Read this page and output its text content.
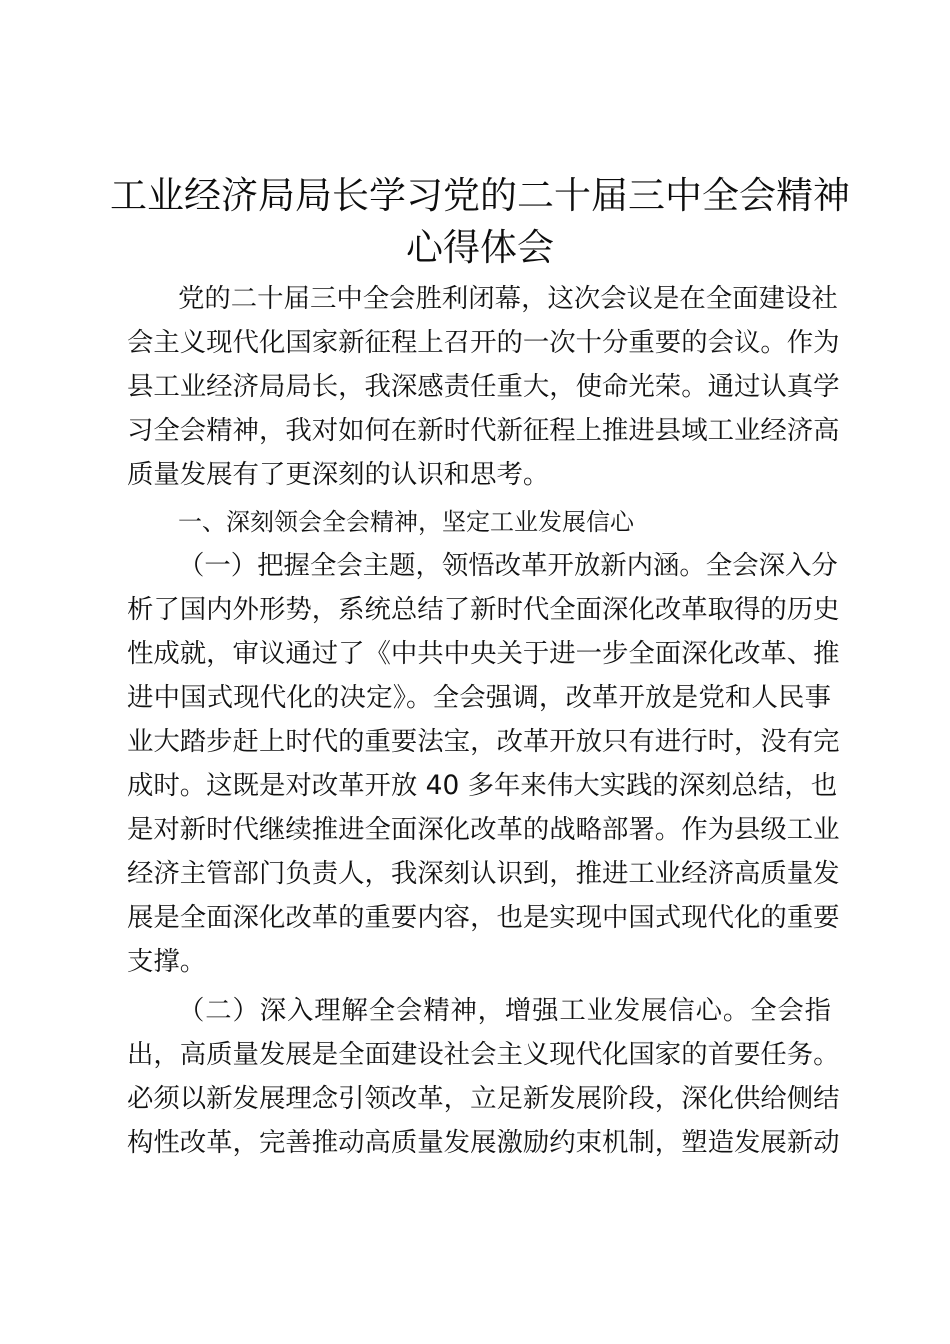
工业经济局局长学习党的二十届三中全会精神
心得体会
党的二十届三中全会胜利闭幕，这次会议是在全面建设社
会主义现代化国家新征程上召开的一次十分重要的会议。作为
县工业经济局局长，我深感责任重大，使命光荣。通过认真学
习全会精神，我对如何在新时代新征程上推进县域工业经济高
质量发展有了更深刻的认识和思考。
一、深刻领会全会精神，坚定工业发展信心
（一）把握全会主题，领悟改革开放新内涵。全会深入分
析了国内外形势，系统总结了新时代全面深化改革取得的历史
性成就，审议通过了《中共中央关于进一步全面深化改革、推
进中国式现代化的决定》。全会强调，改革开放是党和人民事
业大踏步赶上时代的重要法宝，改革开放只有进行时，没有完
成时。这既是对改革开放 40 多年来伟大实践的深刻总结，也
是对新时代继续推进全面深化改革的战略部署。作为县级工业
经济主管部门负责人，我深刻认识到，推进工业经济高质量发
展是全面深化改革的重要内容，也是实现中国式现代化的重要
支撑。
（二）深入理解全会精神，增强工业发展信心。全会指
出，高质量发展是全面建设社会主义现代化国家的首要任务。
必须以新发展理念引领改革，立足新发展阶段，深化供给侧结
构性改革，完善推动高质量发展激励约束机制，塑造发展新动
